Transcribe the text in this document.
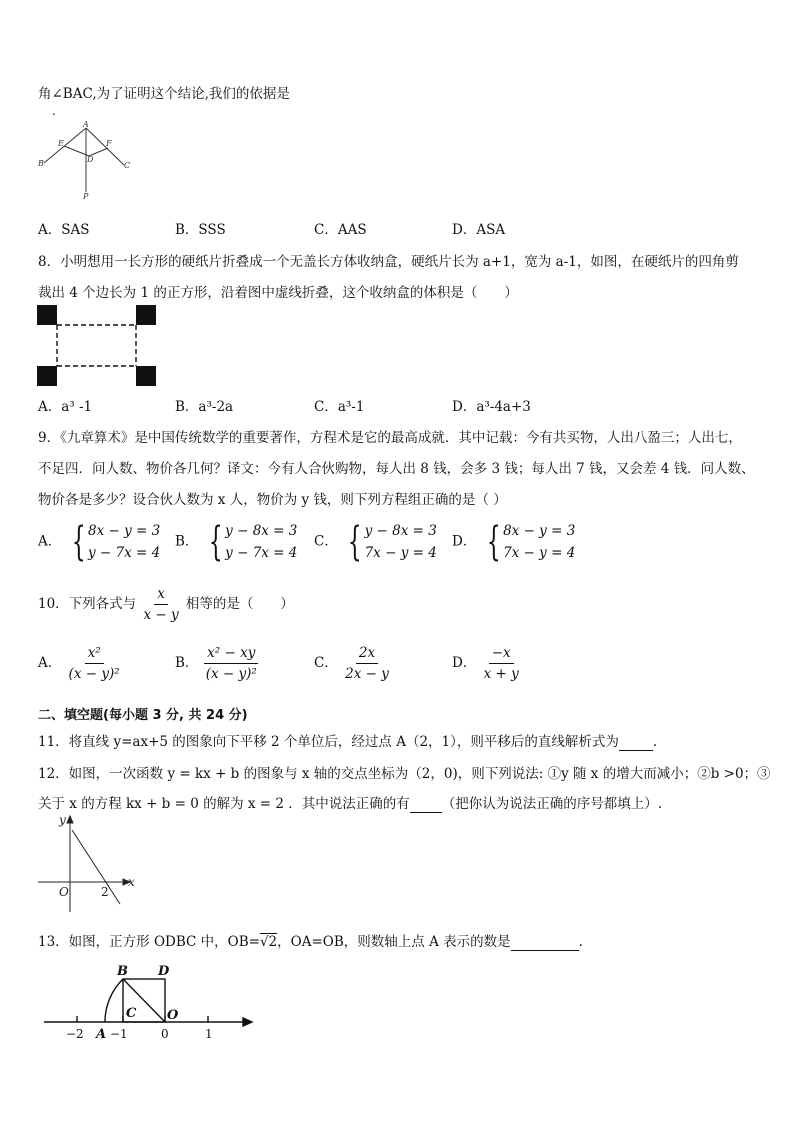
角∠BAC,为了证明这个结论,我们的依据是
.
A
B	C
D
E	F
P
A．SAS	B．SSS	C．AAS	D．ASA
8．小明想用一长方形的硬纸片折叠成一个无盖长方体收纳盒，硬纸片长为 a+1，宽为 a-1，如图，在硬纸片的四角剪
裁出 4 个边长为 1 的正方形，沿着图中虚线折叠，这个收纳盒的体积是（　　）
A．a³ -1	B．a³-2a	C．a³-1	D．a³-4a+3
9．《九章算术》是中国传统数学的重要著作，方程术是它的最高成就．其中记载：今有共买物，人出八盈三；人出七，
不足四．问人数、物价各几何？译文：今有人合伙购物，每人出 8 钱，会多 3 钱；每人出 7 钱，又会差 4 钱．问人数、
物价各是多少？设合伙人数为 x 人，物价为 y 钱，则下列方程组正确的是（ ）
A． { 8x − y = 3
y − 7x = 4
B． { y − 8x = 3
y − 7x = 4
C． { y − 8x = 3
7x − y = 4
D． { 8x − y = 3
7x − y = 4
10．下列各式与 $\frac{x}{x - y}$ 相等的是（　　）
A． $\frac{\text{x²}}{\text{(x − y)²}}$	B． $\frac{\text{x² − xy}}{\text{(x − y)²}}$	C． $\frac{2x}{2x - y}$	D． $\frac{-x}{x + y}$
二、填空题(每小题 3 分, 共 24 分)
11．将直线 y=ax+5 的图象向下平移 2 个单位后，经过点 A（2，1），则平移后的直线解析式为	.
12．如图，一次函数 y = kx + b 的图象与 x 轴的交点坐标为（2，0)，则下列说法: ①y 随 x 的增大而减小；②b >0；③
关于 x 的方程 kx + b = 0 的解为 x = 2 ．其中说法正确的有 （把你认为说法正确的序号都填上）.
y
x
O	2
13．如图，正方形 ODBC 中，OB=√2，OA=OB，则数轴上点 A 表示的数是	.
B D
C O
A
−2 −1	0	1
